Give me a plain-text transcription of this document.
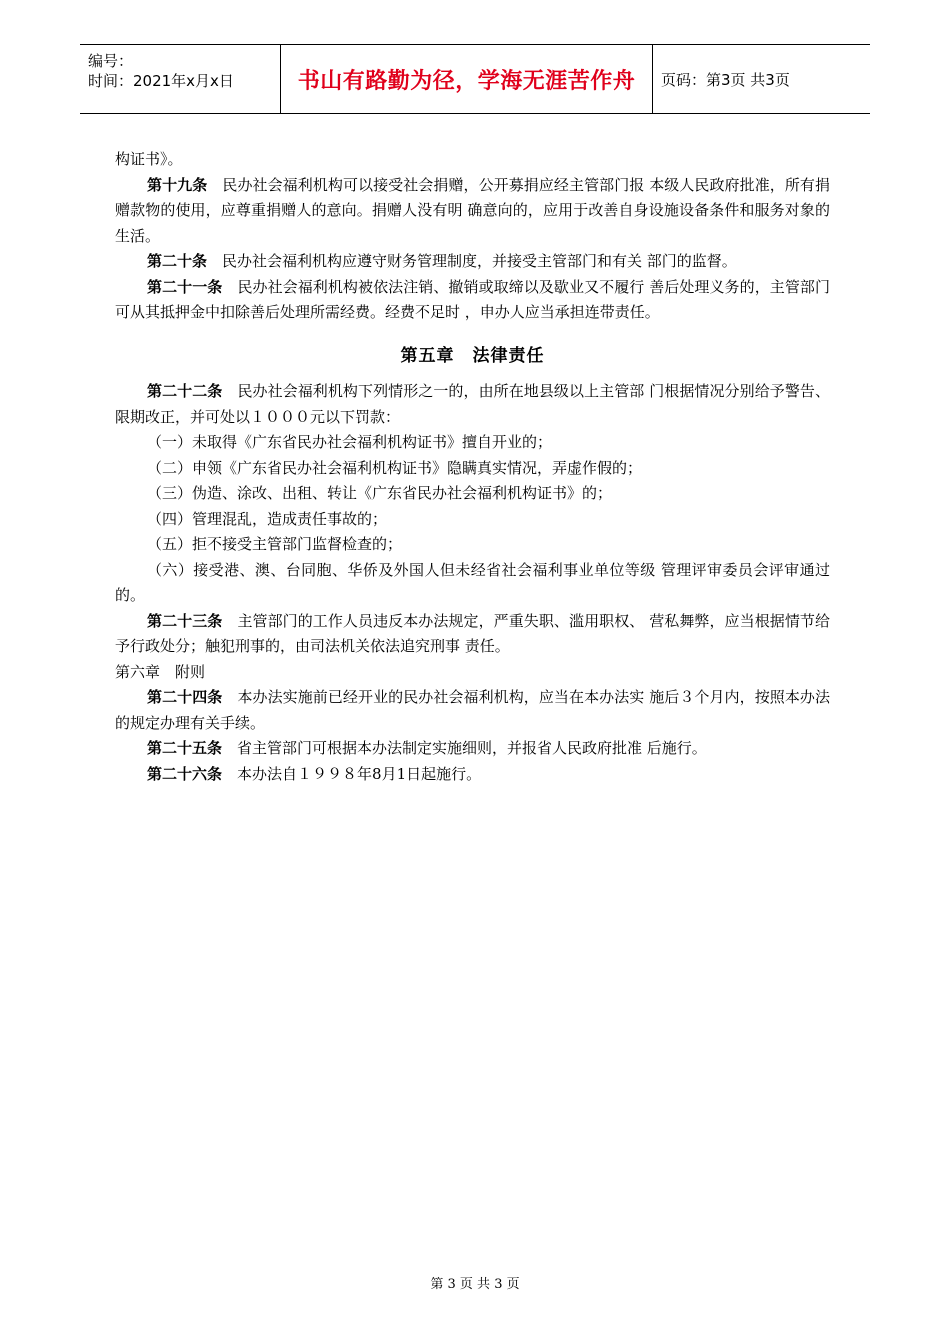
编号：
时间：2021年x月x日	书山有路勤为径，学海无涯苦作舟 页码：第3页 共3页

构证书》。

第十九条　 民办社会福利机构可以接受社会捐赠，公开募捐应经主管部门报 本级人民政府批准，所有捐赠款物的使用，应尊重捐赠人的意向。捐赠人没有明 确意向的，应用于改善自身设施设备条件和服务对象的生活。

第二十条　 民办社会福利机构应遵守财务管理制度，并接受主管部门和有关 部门的监督。

第二十一条　 民办社会福利机构被依法注销、撤销或取缔以及歇业又不履行 善后处理义务的，主管部门可从其抵押金中扣除善后处理所需经费。经费不足时 ，申办人应当承担连带责任。

第五章　法律责任

第二十二条　 民办社会福利机构下列情形之一的，由所在地县级以上主管部 门根据情况分别给予警告、限期改正，并可处以１０００元以下罚款：

（一）未取得《广东省民办社会福利机构证书》擅自开业的；

（二）申领《广东省民办社会福利机构证书》隐瞒真实情况，弄虚作假的；

（三）伪造、涂改、出租、转让《广东省民办社会福利机构证书》的；

（四）管理混乱，造成责任事故的；

（五）拒不接受主管部门监督检查的；

（六）接受港、澳、台同胞、华侨及外国人但未经省社会福利事业单位等级 管理评审委员会评审通过的。

第二十三条　 主管部门的工作人员违反本办法规定，严重失职、滥用职权、 营私舞弊，应当根据情节给予行政处分；触犯刑事的，由司法机关依法追究刑事 责任。

第六章　附则

第二十四条　 本办法实施前已经开业的民办社会福利机构，应当在本办法实 施后３个月内，按照本办法的规定办理有关手续。

第二十五条　 省主管部门可根据本办法制定实施细则，并报省人民政府批准 后施行。

第二十六条　 本办法自１９９８年8月1日起施行。

第 3 页 共 3 页
